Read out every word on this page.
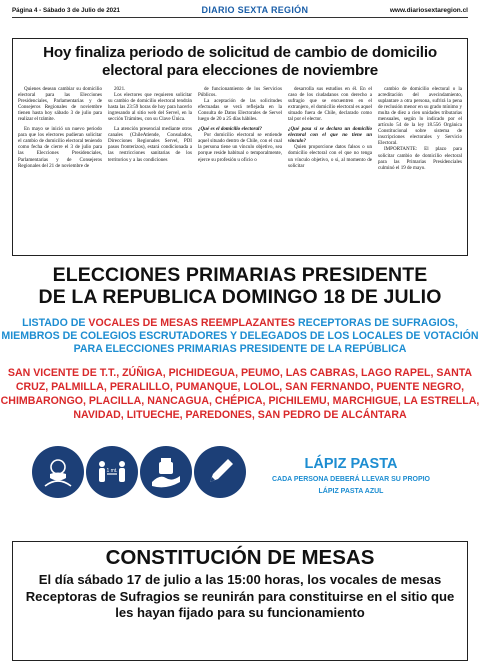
Página 4 - Sábado 3 de Julio de 2021	DIARIO SEXTA REGIÓN	www.diariosextaregion.cl
Hoy finaliza periodo de solicitud de cambio de domicilio electoral para elecciones de noviembre

Quienes desean cambiar su domicilio electoral para las Elecciones Presidenciales, Parlamentarias y de Consejeros Regionales de noviembre tienen hasta hoy sábado 3 de julio para realizar el trámite.

En mayo se inició un nuevo periodo para que los electores pudieran solicitar el cambio de domicilio electoral teniendo como fecha de cierre el 3 de julio para las Elecciones Presidenciales, Parlamentarias y de Consejeros Regionales del 21 de noviembre de

2021.

Los electores que requieren solicitar su cambio de domicilio electoral tendrán hasta las 23:59 horas de hoy para hacerlo ingresando al sitio web del Servel, en la sección Trámites, con su Clave Única.

La atención presencial mediante otros canales (ChileAtiende, Consulados, Direcciones Regionales Servel, PDI pasos fronterizos), estará condicionada a las restricciones sanitarias de los territorios y a las condiciones

de funcionamiento de los Servicios Públicos.

La aceptación de las solicitudes efectuadas se verá reflejada en la Consulta de Datos Electorales de Servel luego de 20 a 25 días hábiles.

¿Qué es el domicilio electoral?

Por domicilio electoral se entiende aquel situado dentro de Chile, con el cual la persona tiene un vínculo objetivo, sea porque reside habitual o temporalmente, ejerce su profesión u oficio o

desarrolla sus estudios en él. En el caso de los ciudadanos con derecho a sufragio que se encuentren en el extranjero, el domicilio electoral es aquel situado fuera de Chile, declarado como tal por el elector.

¿Qué pasa si se declara un domicilio electoral con el que no tiene un vínculo?

Quien proporcione datos falsos o un domicilio electoral con el que no tenga un vínculo objetivo, o si, al momento de solicitar

cambio de domicilio electoral o la acreditación del avecindamiento, suplantare a otra persona, sufrirá la pena de reclusión menor en su grado mínimo y multa de diez a cien unidades tributarias mensuales, según lo indicado por el artículo 54 de la ley 18.556 Orgánica Constitucional sobre sistema de inscripciones electorales y Servicio Electoral.

IMPORTANTE: El plazo para solicitar cambio de domicilio electoral para las Primarias Presidenciales culminó el 19 de mayo.

ELECCIONES PRIMARIAS PRESIDENTE
DE LA REPUBLICA DOMINGO 18 DE JULIO
LISTADO DE VOCALES DE MESAS REEMPLAZANTES RECEPTORAS DE SUFRAGIOS, MIEMBROS DE COLEGIOS ESCRUTADORES Y DELEGADOS DE LOS LOCALES DE VOTACIÓN PARA ELECCIONES PRIMARIAS PRESIDENTE DE LA REPÚBLICA
SAN VICENTE DE T.T., ZÚÑIGA, PICHIDEGUA, PEUMO, LAS CABRAS, LAGO RAPEL, SANTA CRUZ, PALMILLA, PERALILLO, PUMANQUE, LOLOL, SAN FERNANDO, PUENTE NEGRO, CHIMBARONGO, PLACILLA, NANCAGUA, CHÉPICA, PICHILEMU, MARCHIGUE, LA ESTRELLA, NAVIDAD, LITUECHE, PAREDONES, SAN PEDRO DE ALCÁNTARA
1 mt.	LÁPIZ PASTA
CADA PERSONA DEBERÁ LLEVAR SU PROPIO
LÁPIZ PASTA AZUL
CONSTITUCIÓN DE MESAS

El día sábado 17 de julio a las 15:00 horas, los vocales de mesas Receptoras de Sufragios se reunirán para constituirse en el sitio que les hayan fijado para su funcionamiento
